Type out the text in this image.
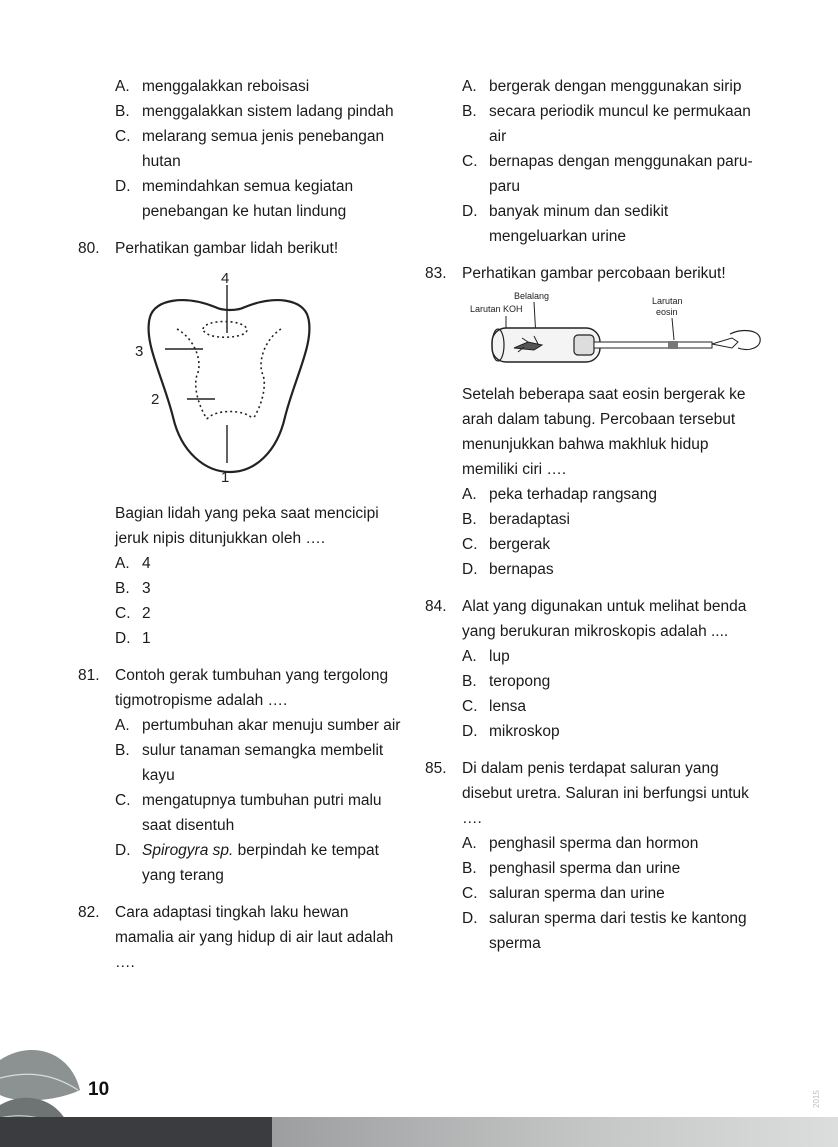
A. menggalakkan reboisasi
B. menggalakkan sistem ladang pindah
C. melarang semua jenis penebangan hutan
D. memindahkan semua kegiatan penebangan ke hutan lindung
80. Perhatikan gambar lidah berikut!
4
3
2
1
Bagian lidah yang peka saat mencicipi jeruk nipis ditunjukkan oleh ….
A. 4
B. 3
C. 2
D. 1
81. Contoh gerak tumbuhan yang tergolong tigmotropisme adalah ….
A. pertumbuhan akar menuju sumber air
B. sulur tanaman semangka membelit kayu
C. mengatupnya tumbuhan putri malu saat disentuh
D. Spirogyra sp. berpindah ke tempat yang terang
82. Cara adaptasi tingkah laku hewan mamalia air yang hidup di air laut adalah ….
A. bergerak dengan menggunakan sirip
B. secara periodik muncul ke permukaan air
C. bernapas dengan menggunakan paru-paru
D. banyak minum dan sedikit mengeluarkan urine
83. Perhatikan gambar percobaan berikut!
Belalang
Larutan KOH
Larutan
eosin
Setelah beberapa saat eosin bergerak ke arah dalam tabung. Percobaan tersebut menunjukkan bahwa makhluk hidup memiliki ciri ….
A. peka terhadap rangsang
B. beradaptasi
C. bergerak
D. bernapas
84. Alat yang digunakan untuk melihat benda yang berukuran mikroskopis adalah ....
A. lup
B. teropong
C. lensa
D. mikroskop
85. Di dalam penis terdapat saluran yang disebut uretra. Saluran ini berfungsi untuk ….
A. penghasil sperma dan hormon
B. penghasil sperma dan urine
C. saluran sperma dan urine
D. saluran sperma dari testis ke kantong sperma
10	2015
